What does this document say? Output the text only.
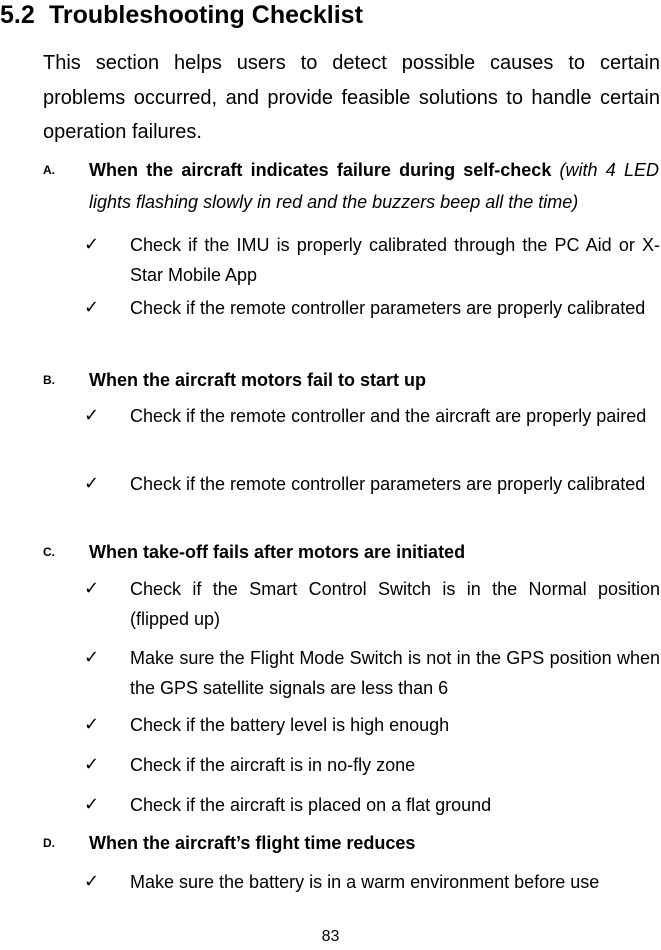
5.2 Troubleshooting Checklist
This section helps users to detect possible causes to certain problems occurred, and provide feasible solutions to handle certain operation failures.
A. When the aircraft indicates failure during self-check (with 4 LED lights flashing slowly in red and the buzzers beep all the time)
✓ Check if the IMU is properly calibrated through the PC Aid or X-Star Mobile App
✓ Check if the remote controller parameters are properly calibrated
B. When the aircraft motors fail to start up
✓ Check if the remote controller and the aircraft are properly paired
✓ Check if the remote controller parameters are properly calibrated
C. When take-off fails after motors are initiated
✓ Check if the Smart Control Switch is in the Normal position (flipped up)
✓ Make sure the Flight Mode Switch is not in the GPS position when the GPS satellite signals are less than 6
✓ Check if the battery level is high enough
✓ Check if the aircraft is in no-fly zone
✓ Check if the aircraft is placed on a flat ground
D. When the aircraft’s flight time reduces
✓ Make sure the battery is in a warm environment before use
83
